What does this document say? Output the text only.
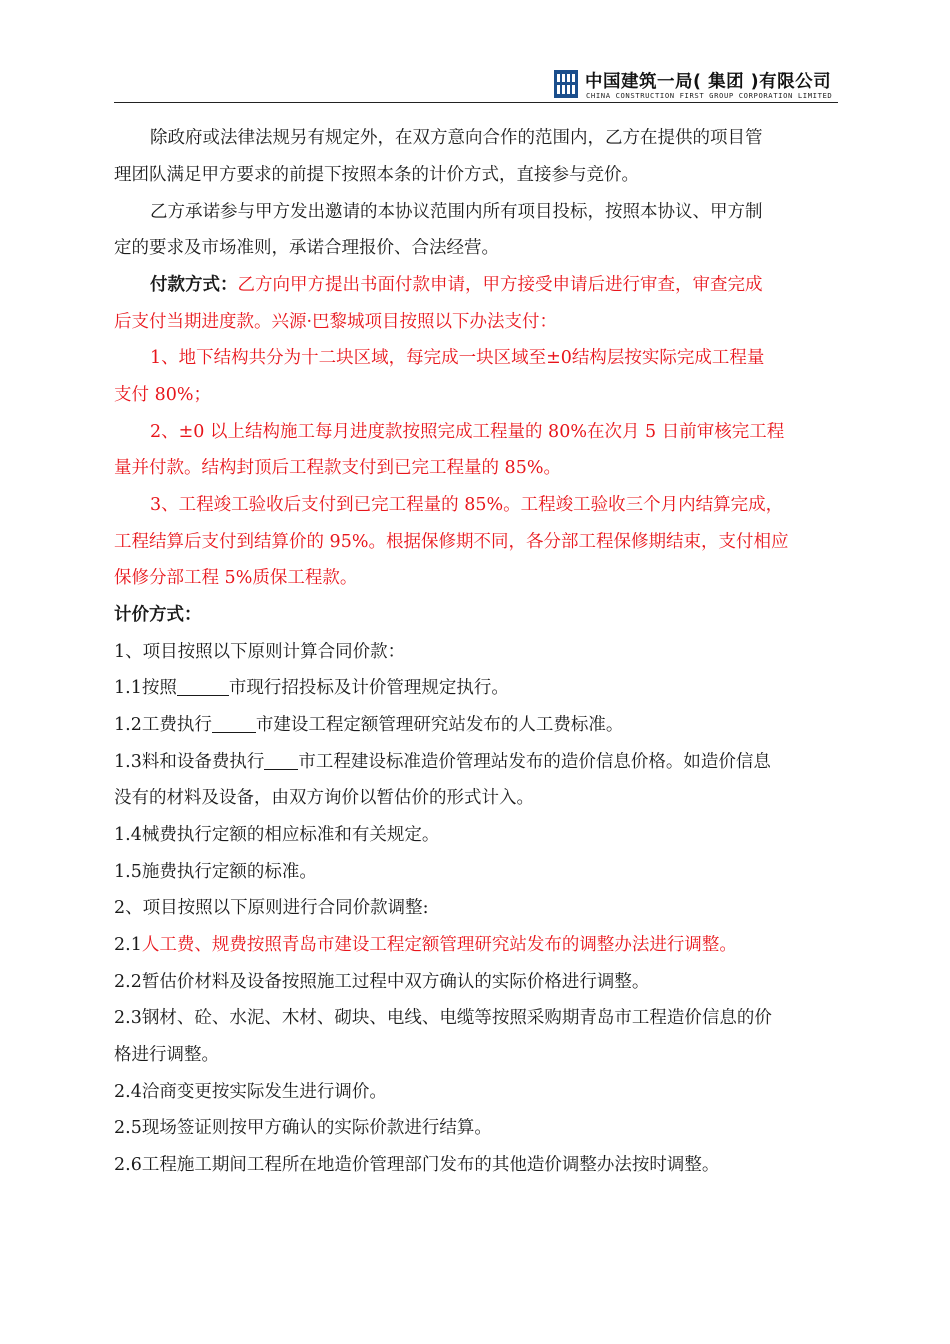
中国建筑一局( 集团 )有限公司
CHINA CONSTRUCTION FIRST GROUP CORPORATION LIMITED
除政府或法律法规另有规定外，在双方意向合作的范围内，乙方在提供的项目管
理团队满足甲方要求的前提下按照本条的计价方式，直接参与竞价。
乙方承诺参与甲方发出邀请的本协议范围内所有项目投标，按照本协议、甲方制
定的要求及市场准则，承诺合理报价、合法经营。
付款方式：乙方向甲方提出书面付款申请，甲方接受申请后进行审查，审查完成
后支付当期进度款。兴源·巴黎城项目按照以下办法支付：
1、地下结构共分为十二块区域，每完成一块区域至±0结构层按实际完成工程量
支付 80%；
2、±0 以上结构施工每月进度款按照完成工程量的 80%在次月 5 日前审核完工程
量并付款。结构封顶后工程款支付到已完工程量的 85%。
3、工程竣工验收后支付到已完工程量的 85%。工程竣工验收三个月内结算完成，
工程结算后支付到结算价的 95%。根据保修期不同，各分部工程保修期结束，支付相应
保修分部工程 5%质保工程款。
计价方式：
1、项目按照以下原则计算合同价款：
1.1按照	市现行招投标及计价管理规定执行。
1.2工费执行	市建设工程定额管理研究站发布的人工费标准。
1.3料和设备费执行 市工程建设标准造价管理站发布的造价信息价格。如造价信息
没有的材料及设备，由双方询价以暂估价的形式计入。
1.4械费执行定额的相应标准和有关规定。
1.5施费执行定额的标准。
2、项目按照以下原则进行合同价款调整:
2.1人工费、规费按照青岛市建设工程定额管理研究站发布的调整办法进行调整。
2.2暂估价材料及设备按照施工过程中双方确认的实际价格进行调整。
2.3钢材、砼、水泥、木材、砌块、电线、电缆等按照采购期青岛市工程造价信息的价
格进行调整。
2.4洽商变更按实际发生进行调价。
2.5现场签证则按甲方确认的实际价款进行结算。
2.6工程施工期间工程所在地造价管理部门发布的其他造价调整办法按时调整。
